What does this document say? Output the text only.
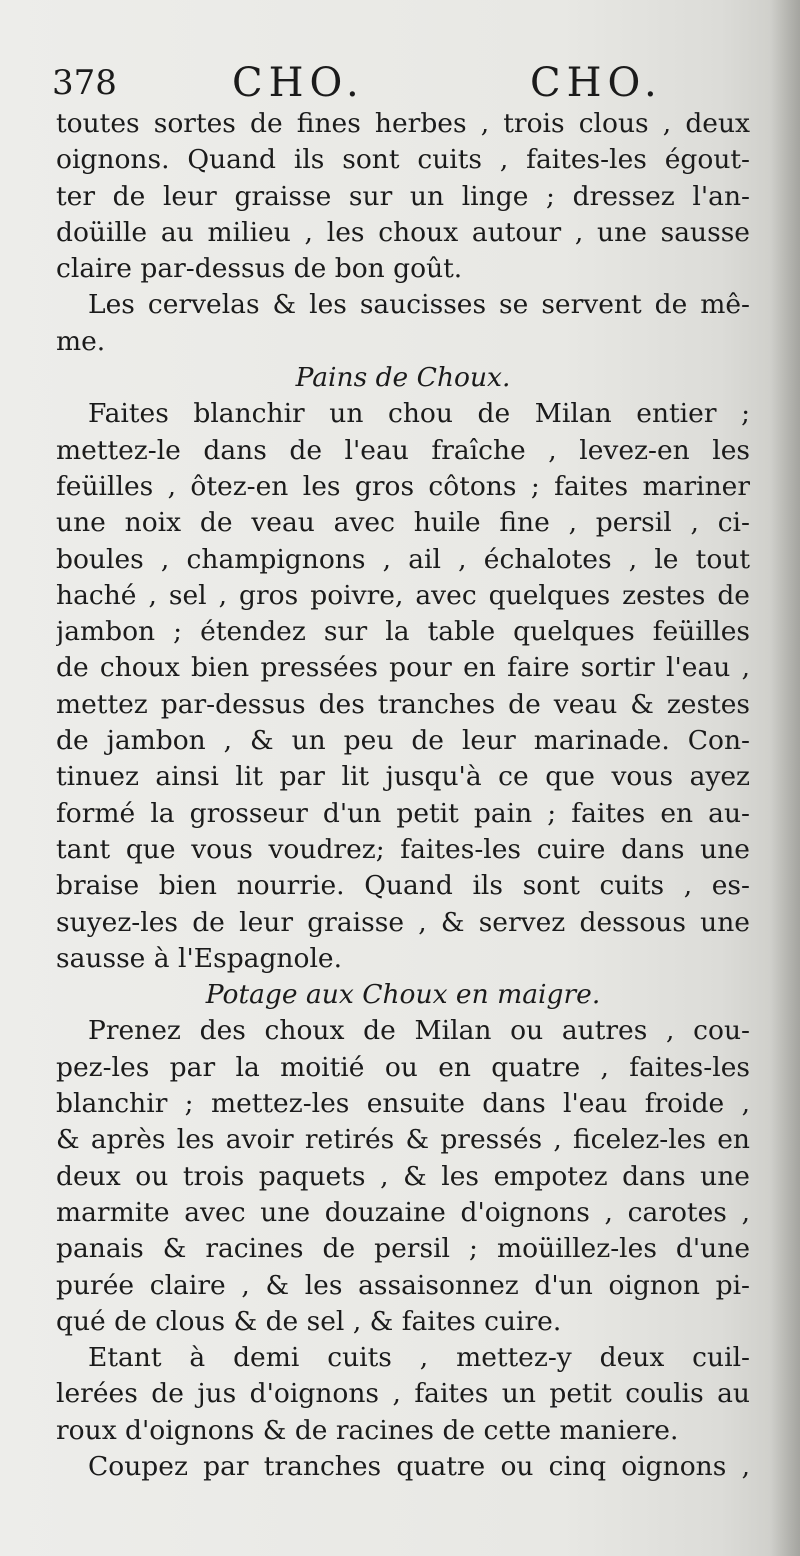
378	CHO.	CHO.
toutes sortes de fines herbes , trois clous , deux
oignons. Quand ils sont cuits , faites-les égout-
ter de leur graisse sur un linge ; dressez l'an-
doüille au milieu , les choux autour , une sausse
claire par-dessus de bon goût.
Les cervelas & les saucisses se servent de mê-
me.
Pains de Choux.
Faites blanchir un chou de Milan entier ;
mettez-le dans de l'eau fraîche , levez-en les
feüilles , ôtez-en les gros côtons ; faites mariner
une noix de veau avec huile fine , persil , ci-
boules , champignons , ail , échalotes , le tout
haché , sel , gros poivre, avec quelques zestes de
jambon ; étendez sur la table quelques feüilles
de choux bien pressées pour en faire sortir l'eau ,
mettez par-dessus des tranches de veau & zestes
de jambon , & un peu de leur marinade. Con-
tinuez ainsi lit par lit jusqu'à ce que vous ayez
formé la grosseur d'un petit pain ; faites en au-
tant que vous voudrez; faites-les cuire dans une
braise bien nourrie. Quand ils sont cuits , es-
suyez-les de leur graisse , & servez dessous une
sausse à l'Espagnole.
Potage aux Choux en maigre.
Prenez des choux de Milan ou autres , cou-
pez-les par la moitié ou en quatre , faites-les
blanchir ; mettez-les ensuite dans l'eau froide ,
& après les avoir retirés & pressés , ficelez-les en
deux ou trois paquets , & les empotez dans une
marmite avec une douzaine d'oignons , carotes ,
panais & racines de persil ; moüillez-les d'une
purée claire , & les assaisonnez d'un oignon pi-
qué de clous & de sel , & faites cuire.
Etant à demi cuits , mettez-y deux cuil-
lerées de jus d'oignons , faites un petit coulis au
roux d'oignons & de racines de cette maniere.
Coupez par tranches quatre ou cinq oignons ,
